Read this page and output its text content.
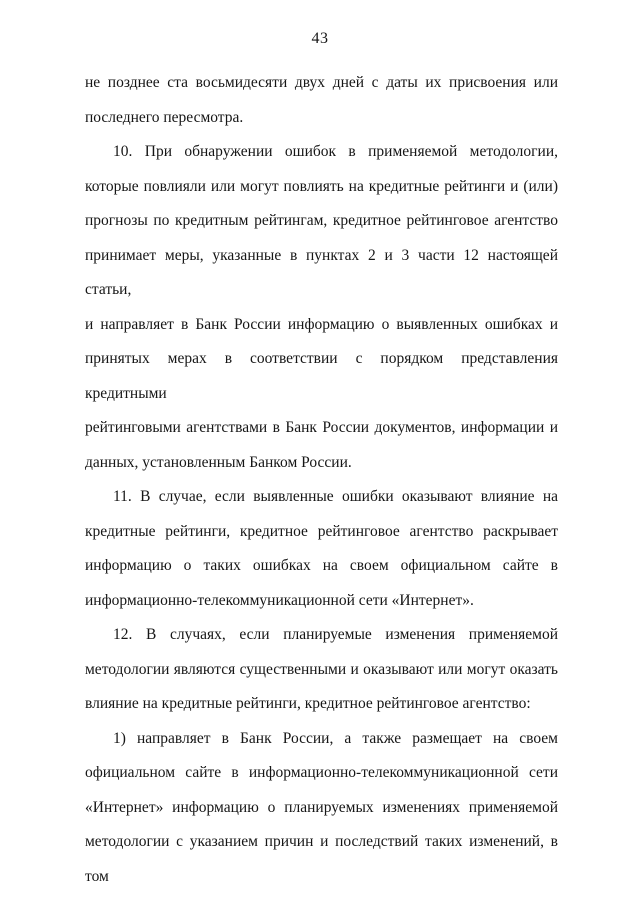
43
не позднее ста восьмидесяти двух дней с даты их присвоения или
последнего пересмотра.
10. При обнаружении ошибок в применяемой методологии,
которые повлияли или могут повлиять на кредитные рейтинги и (или)
прогнозы по кредитным рейтингам, кредитное рейтинговое агентство
принимает меры, указанные в пунктах 2 и 3 части 12 настоящей статьи,
и направляет в Банк России информацию о выявленных ошибках и
принятых мерах в соответствии с порядком представления кредитными
рейтинговыми агентствами в Банк России документов, информации и
данных, установленным Банком России.
11. В случае, если выявленные ошибки оказывают влияние на
кредитные рейтинги, кредитное рейтинговое агентство раскрывает
информацию о таких ошибках на своем официальном сайте в
информационно-телекоммуникационной сети «Интернет».
12. В случаях, если планируемые изменения применяемой
методологии являются существенными и оказывают или могут оказать
влияние на кредитные рейтинги, кредитное рейтинговое агентство:
1) направляет в Банк России, а также размещает на своем
официальном сайте в информационно-телекоммуникационной сети
«Интернет» информацию о планируемых изменениях применяемой
методологии с указанием причин и последствий таких изменений, в том
